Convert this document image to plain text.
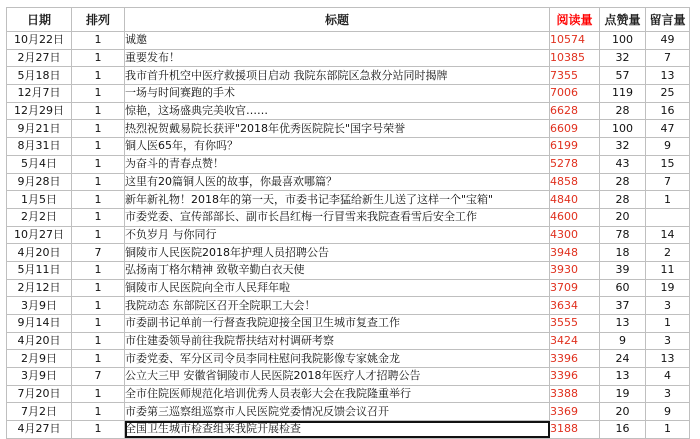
日期	排列	标题	阅读量	点赞量	留言量
10月22日	1	诚邀	10574	100	49
2月27日	1	重要发布！	10385	32	7
5月18日	1	我市首升机空中医疗救援项目启动 我院东部院区急救分站同时揭牌	7355	57	13
12月7日	1	一场与时间赛跑的手术	7006	119	25
12月29日	1	惊艳，这场盛典完美收官……	6628	28	16
9月21日	1	热烈祝贺戴易院长获评"2018年优秀医院院长"国字号荣誉	6609	100	47
8月31日	1	铜人医65年，有你吗？	6199	32	9
5月4日	1	为奋斗的青春点赞！	5278	43	15
9月28日	1	这里有20篇铜人医的故事，你最喜欢哪篇？	4858	28	7
1月5日	1	新年新礼物！2018年的第一天，市委书记李猛给新生儿送了这样一个"宝箱"	4840	28	1
2月2日	1	市委党委、宣传部部长、副市长昌红梅一行冒雪来我院查看雪后安全工作	4600	20	
10月27日	1	不负岁月 与你同行	4300	78	14
4月20日	7	铜陵市人民医院2018年护理人员招聘公告	3948	18	2
5月11日	1	弘扬南丁格尔精神 致敬辛勤白衣天使	3930	39	11
2月12日	1	铜陵市人民医院向全市人民拜年啦	3709	60	19
3月9日	1	我院动态 东部院区召开全院职工大会！	3634	37	3
9月14日	1	市委副书记单前一行督查我院迎接全国卫生城市复查工作	3555	13	1
4月20日	1	市住建委领导前往我院帮扶结对村调研考察	3424	9	3
2月9日	1	市委党委、军分区司令员李同柱慰问我院影像专家姚金龙	3396	24	13
3月9日	7	公立大三甲 安徽省铜陵市人民医院2018年医疗人才招聘公告	3396	13	4
7月20日	1	全市住院医师规范化培训优秀人员表彰大会在我院隆重举行	3388	19	3
7月2日	1	市委第三巡察组巡察市人民医院党委情况反馈会议召开	3369	20	9
4月27日	1	全国卫生城市检查组来我院开展检查	3188	16	1
